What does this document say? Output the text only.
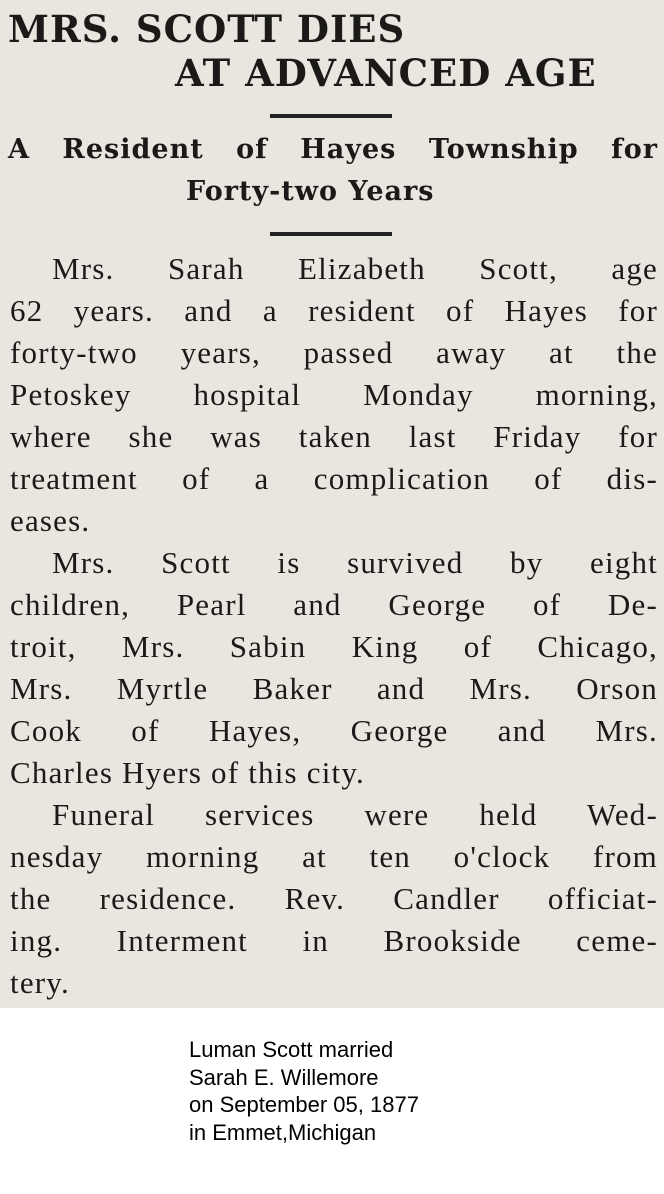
MRS. SCOTT DIES
AT ADVANCED AGE
A Resident of Hayes Township for
Forty-two Years
Mrs. Sarah Elizabeth Scott, age
62 years. and a resident of Hayes for
forty-two years, passed away at the
Petoskey hospital Monday morning,
where she was taken last Friday for
treatment of a complication of dis-
eases.
Mrs. Scott is survived by eight
children, Pearl and George of De-
troit, Mrs. Sabin King of Chicago,
Mrs. Myrtle Baker and Mrs. Orson
Cook of Hayes, George and Mrs.
Charles Hyers of this city.
Funeral services were held Wed-
nesday morning at ten o'clock from
the residence. Rev. Candler officiat-
ing. Interment in Brookside ceme-
tery.
Luman Scott married
Sarah E. Willemore
on September 05, 1877
in Emmet,Michigan
